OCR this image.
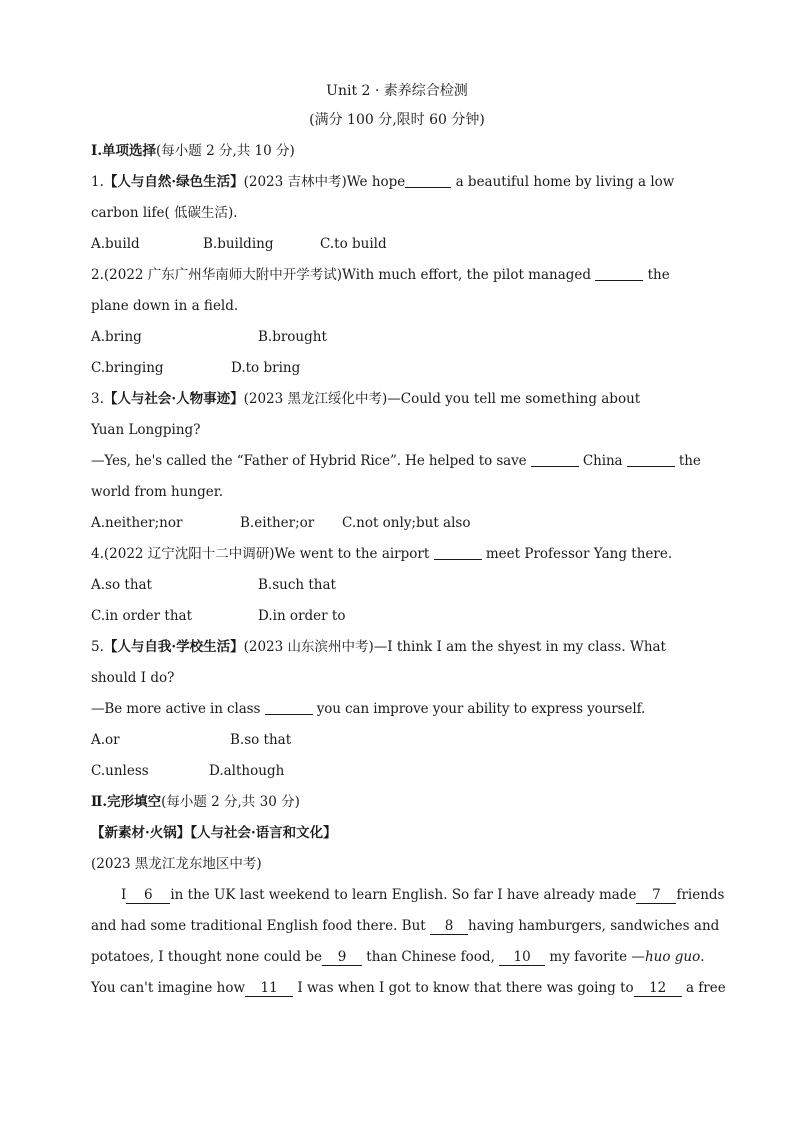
Unit 2 · 素养综合检测
(满分 100 分,限时 60 分钟)
Ⅰ.单项选择(每小题 2 分,共 10 分)
1.【人与自然·绿色生活】(2023 吉林中考)We hope	a beautiful home by living a low
carbon life( 低碳生活).
A.build	B.building	C.to build
2.(2022 广东广州华南师大附中开学考试)With much effort, the pilot managed	the
plane down in a field.
A.bring	B.brought
C.bringing	D.to bring
3.【人与社会·人物事迹】(2023 黑龙江绥化中考)—Could you tell me something about
Yuan Longping?
—Yes, he's called the “Father of Hybrid Rice”. He helped to save	China	the
world from hunger.
A.neither;nor	B.either;or C.not only;but also
4.(2022 辽宁沈阳十二中调研)We went to the airport	meet Professor Yang there.
A.so that	B.such that
C.in order that	D.in order to
5.【人与自我·学校生活】(2023 山东滨州中考)—I think I am the shyest in my class. What
should I do?
—Be more active in class	you can improve your ability to express yourself.
A.or	B.so that
C.unless	D.although
Ⅱ.完形填空(每小题 2 分,共 30 分)
【新素材·火锅】【人与社会·语言和文化】
(2023 黑龙江龙东地区中考)
I 6 in the UK last weekend to learn English. So far I have already made 7 friends
and had some traditional English food there. But 8 having hamburgers, sandwiches and
potatoes, I thought none could be 9 than Chinese food, 10 my favorite —huo guo.
You can't imagine how 11 I was when I got to know that there was going to 12 a free
